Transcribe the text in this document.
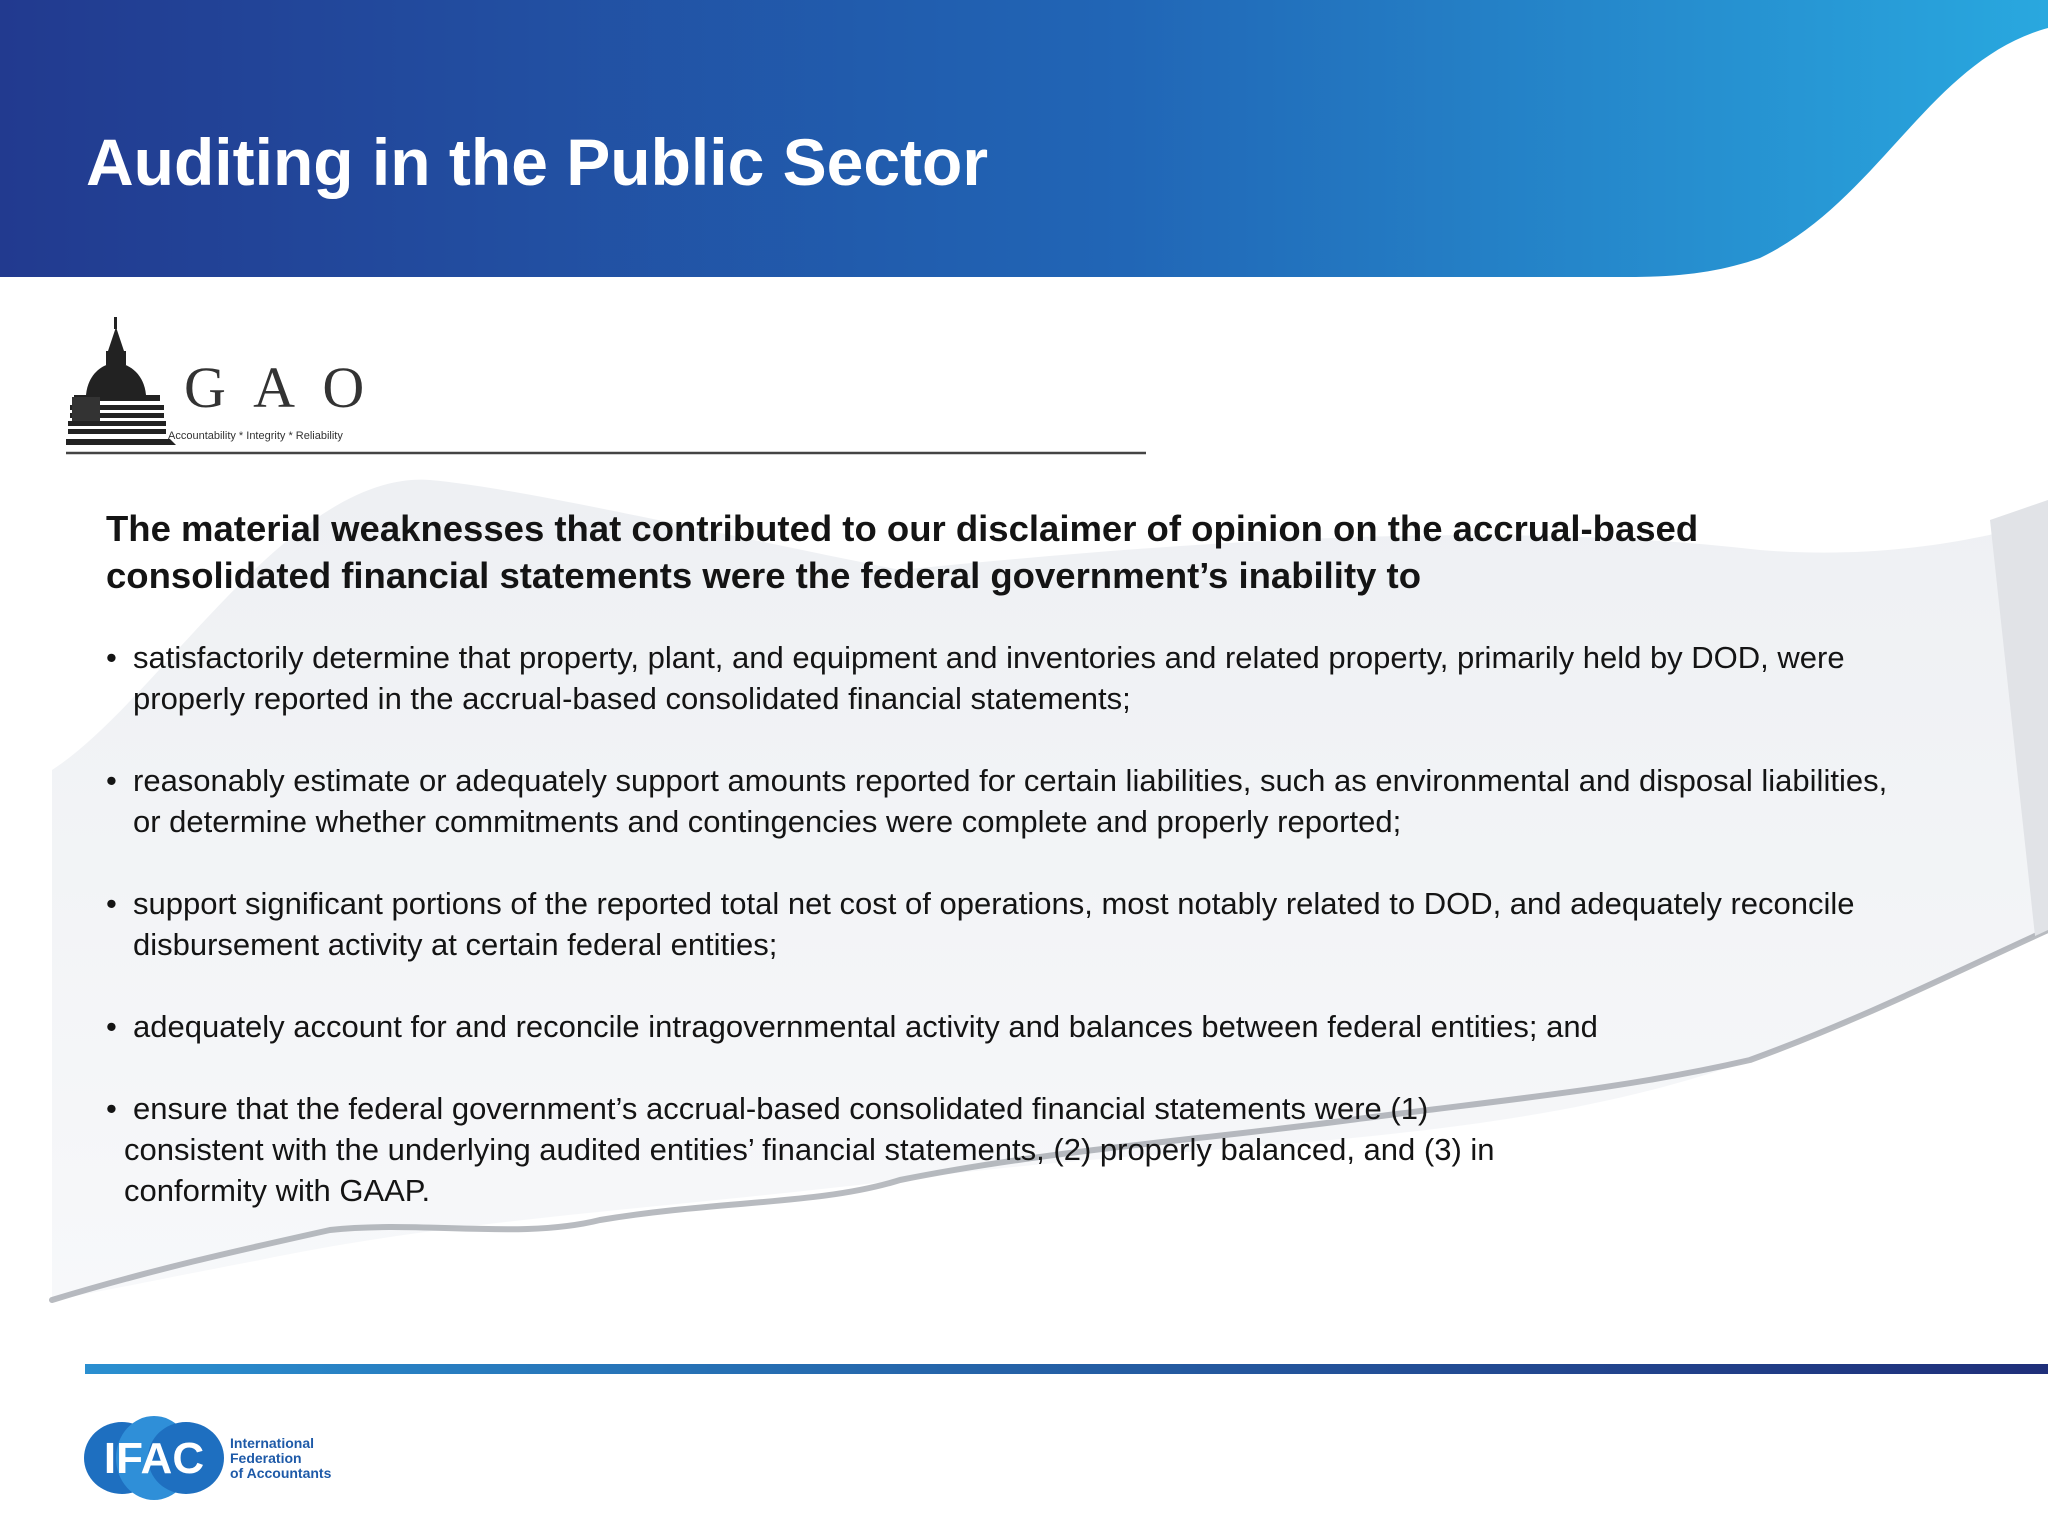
Auditing in the Public Sector
G A O
Accountability * Integrity * Reliability

The material weaknesses that contributed to our disclaimer of opinion on the accrual-based consolidated financial statements were the federal government’s inability to

• satisfactorily determine that property, plant, and equipment and inventories and related property, primarily held by DOD, were properly reported in the accrual-based consolidated financial statements;
• reasonably estimate or adequately support amounts reported for certain liabilities, such as environmental and disposal liabilities, or determine whether commitments and contingencies were complete and properly reported;
• support significant portions of the reported total net cost of operations, most notably related to DOD, and adequately reconcile disbursement activity at certain federal entities;
• adequately account for and reconcile intragovernmental activity and balances between federal entities; and
• ensure that the federal government’s accrual-based consolidated financial statements were (1)
consistent with the underlying audited entities’ financial statements, (2) properly balanced, and (3) in
conformity with GAAP.
IFAC International
Federation
of Accountants
